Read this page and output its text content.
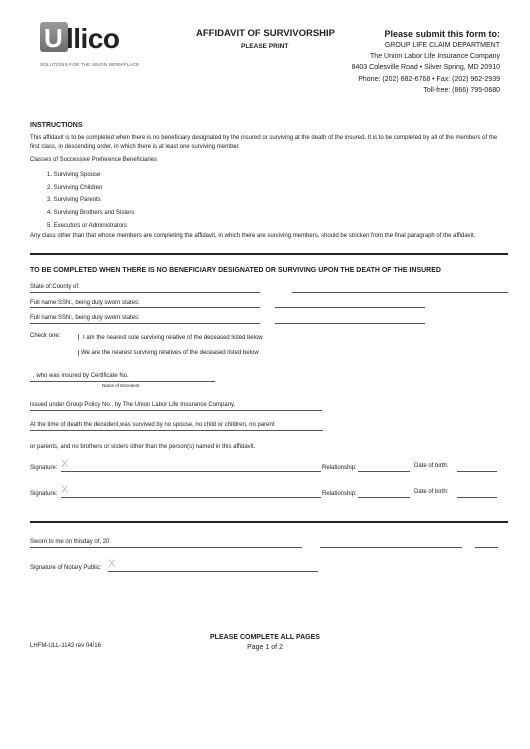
U llico
SOLUTIONS FOR THE UNION WORKPLACE
AFFIDAVIT OF SURVIVORSHIP
PLEASE PRINT
Please submit this form to:
GROUP LIFE CLAIM DEPARTMENT
The Union Labor Life Insurance Company
8403 Colesville Road • Silver Spring, MD 20910
Phone: (202) 682-6768 • Fax: (202) 962-2939
Toll-free: (866) 795-0680
INSTRUCTIONS
This affidavit is to be completed when there is no beneficiary designated by the insured or surviving at the death of the insured. It is to be completed by all of the members of the first class, in descending order, in which there is at least one surviving member.
Classes of Successive Preference Beneficiaries
1. Surviving Spouse
2. Surviving Children
3. Surviving Parents
4. Surviving Brothers and Sisters
5. Executors or Administrators
Any class other than that whose members are completing the affidavit, in which there are surviving members, should be stricken from the final paragraph of the affidavit.
TO BE COMPLETED WHEN THERE IS NO BENEFICIARY DESIGNATED OR SURVIVING UPON THE DEATH OF THE INSURED
State of:County of:
Full name:SSN:, being duly sworn states:
Full name:SSN:, being duly sworn states:
Check one:	I am the nearest sole surviving relative of the deceased listed below
We are the nearest surviving relatives of the deceased listed below
, who was insured by Certificate No.
Name of Decedent
issued under Group Policy No., by The Union Labor Life Insurance Company.
At the time of death the decedent,was survived by no spouse, no child or children, no parent
or parents, and no brothers or sisters other than the person(s) named in this affidavit.
Signature: X	Relationship:	Date of birth:
Signature: X	Relationship:	Date of birth:
Sworn to me on thisday of, 20
Signature of Notary Public: X
LHFM-ULL-1142 rev 04/16
PLEASE COMPLETE ALL PAGES
Page 1 of 2
